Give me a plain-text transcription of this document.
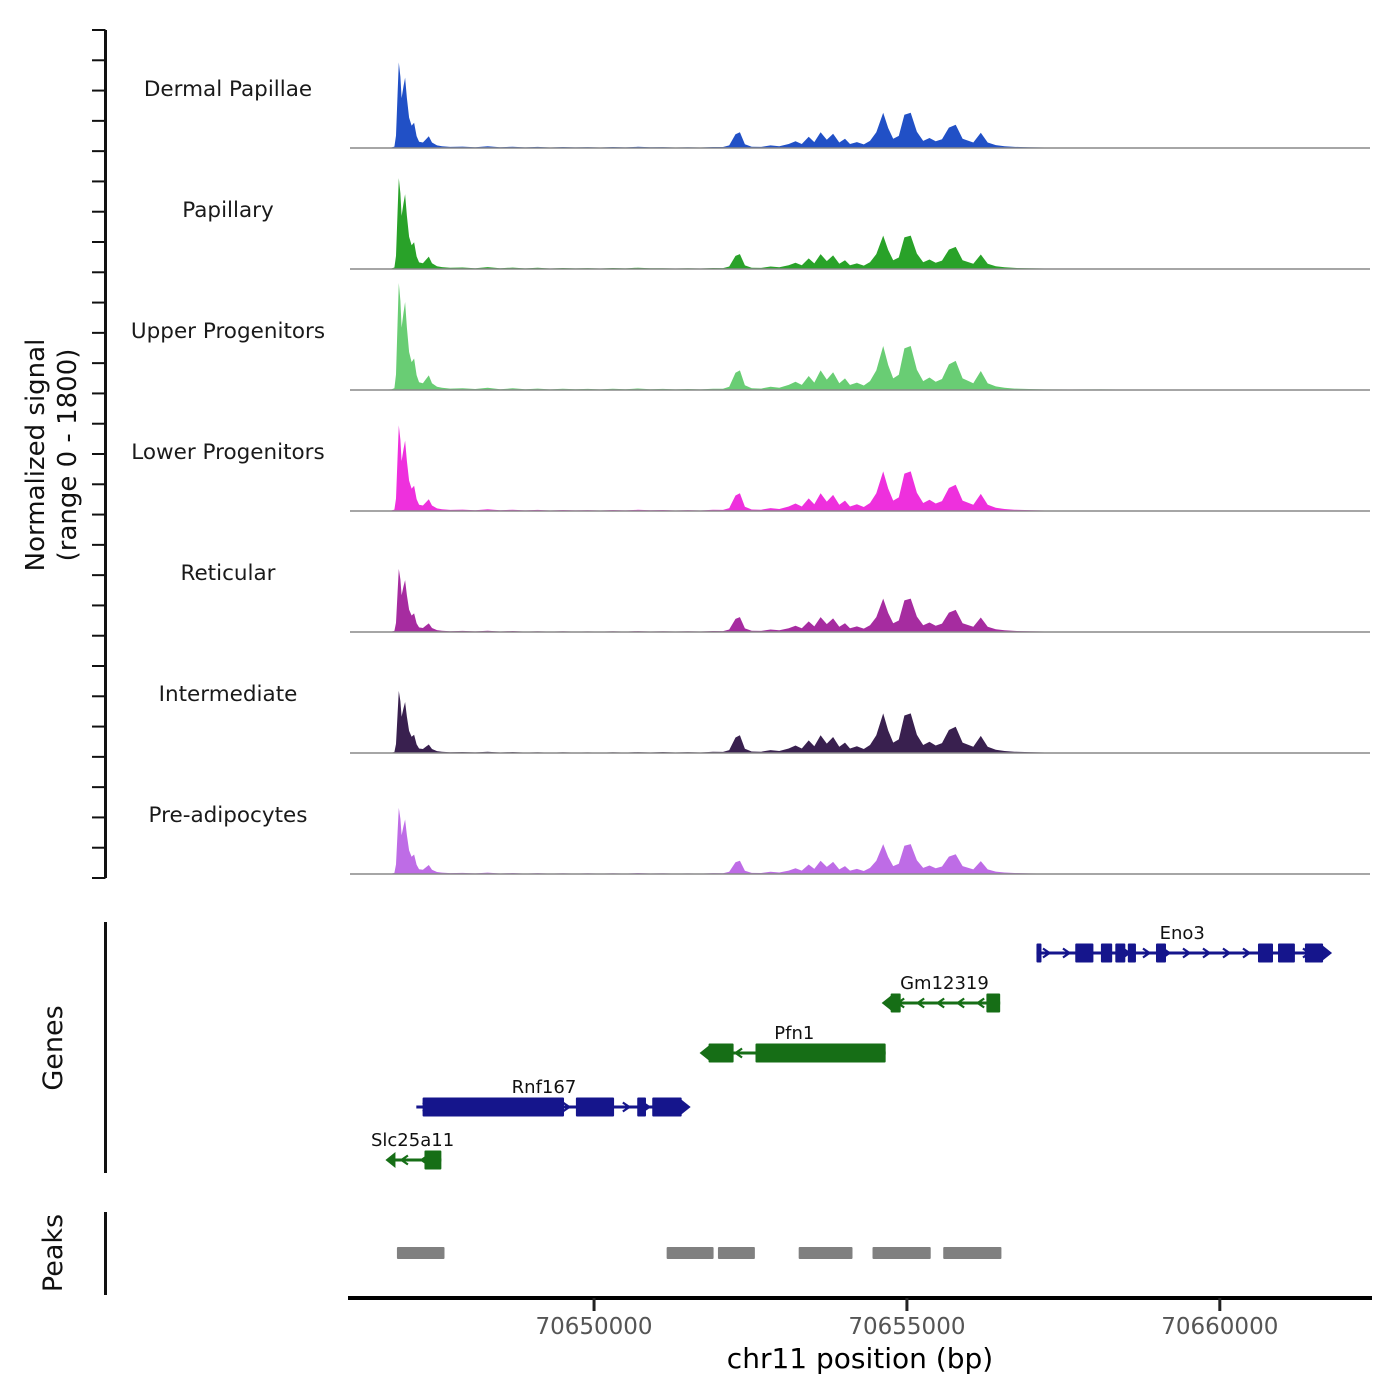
Dermal Papillae
Papillary
Upper Progenitors
Lower Progenitors
Reticular
Intermediate
Pre-adipocytes
Eno3
Gm12319
Pfn1
Rnf167
Slc25a11
70650000	70655000	70660000
Normalized signal (range 0 - 1800)
Genes
Peaks
chr11 position (bp)
